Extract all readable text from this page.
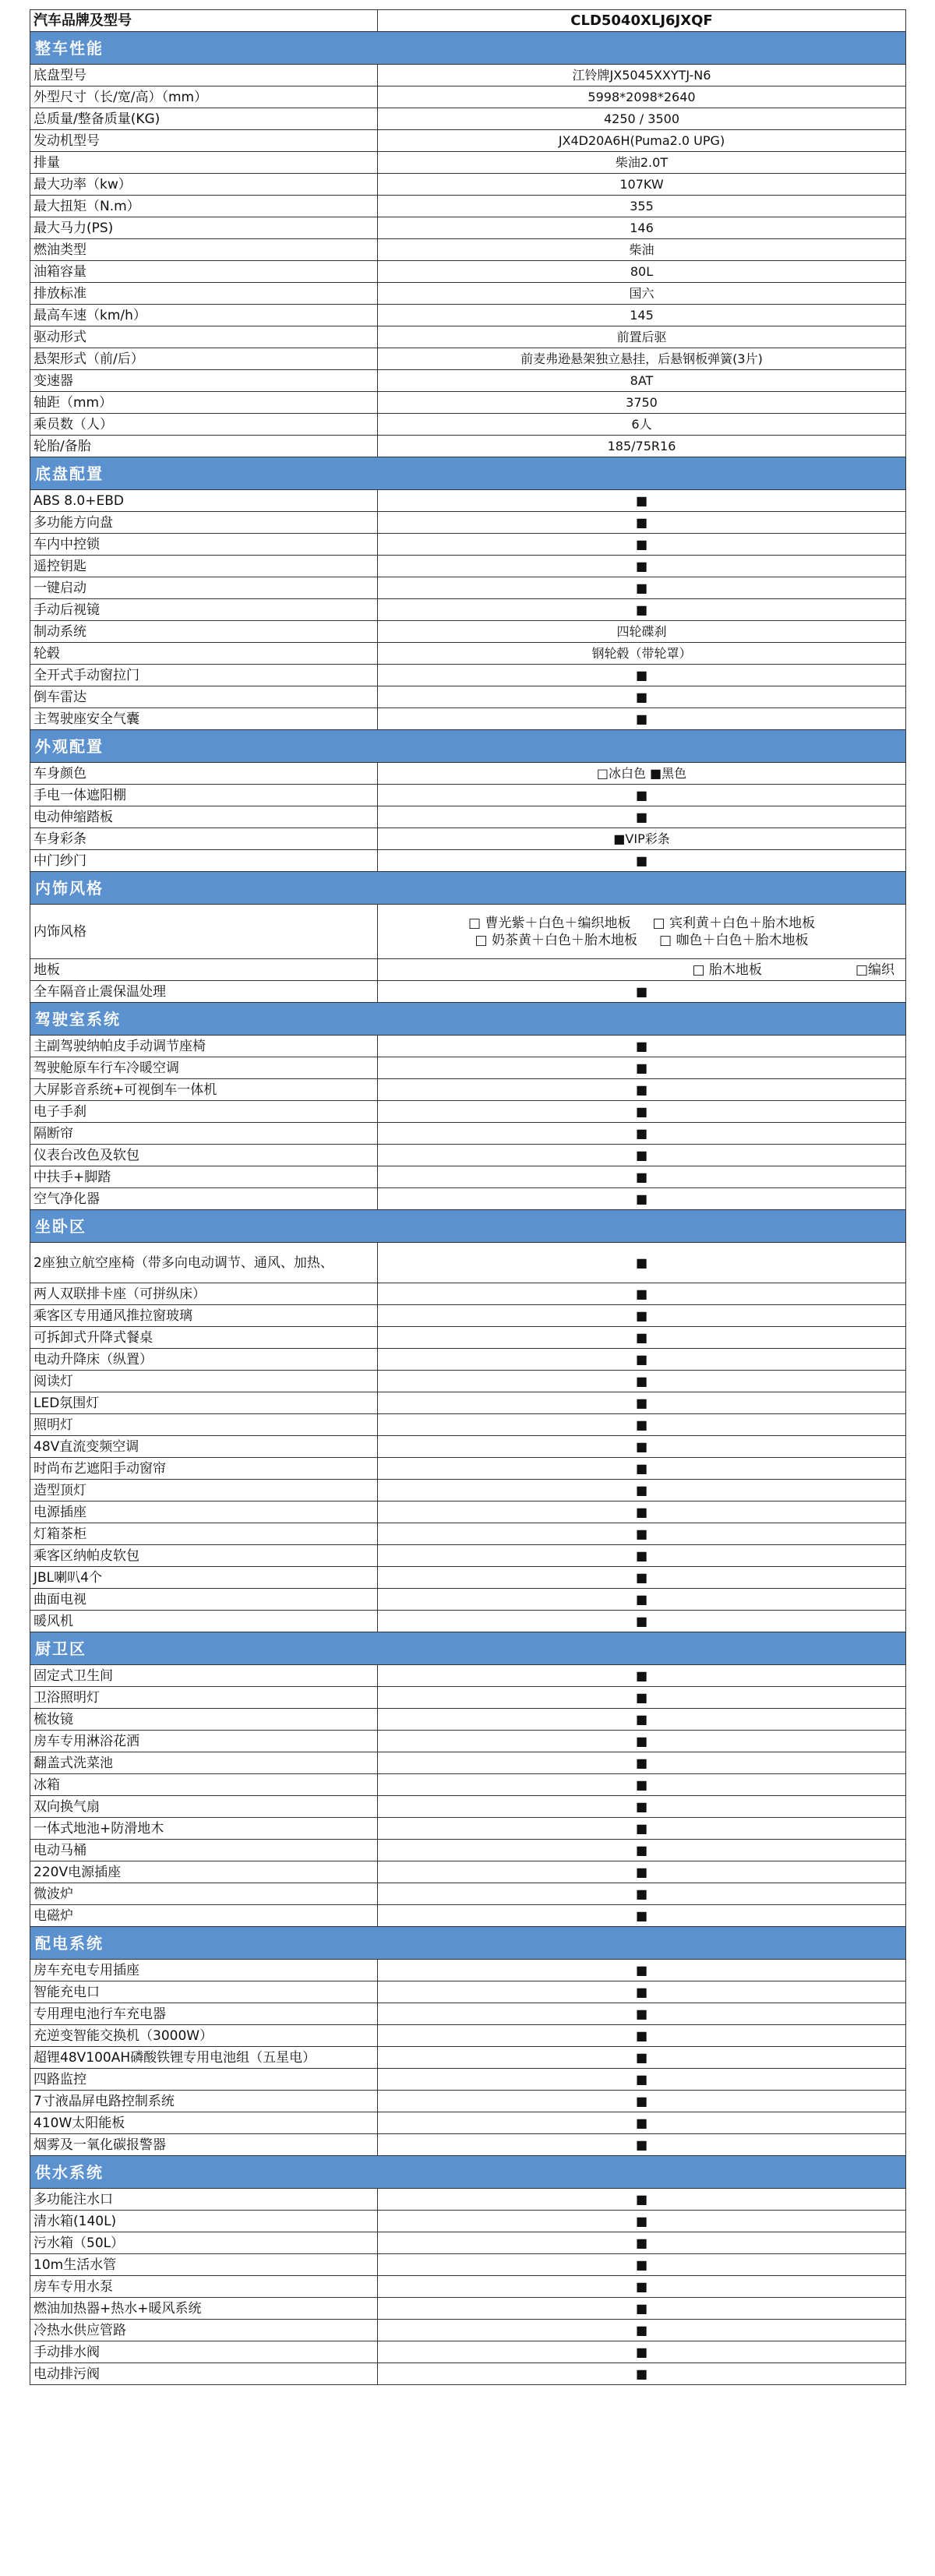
汽车品牌及型号	CLD5040XLJ6JXQF
整车性能	
底盘型号	江铃牌JX5045XXYTJ-N6
外型尺寸（长/宽/高）（mm）	5998*2098*2640
总质量/整备质量(KG)	4250 / 3500
发动机型号	JX4D20A6H(Puma2.0 UPG)
排量	柴油2.0T
最大功率（kw）	107KW
最大扭矩（N.m）	355
最大马力(PS)	146
燃油类型	柴油
油箱容量	80L
排放标准	国六
最高车速（km/h）	145
驱动形式	前置后驱
悬架形式（前/后）	前麦弗逊悬架独立悬挂，后悬钢板弹簧(3片)
变速器	8AT
轴距（mm）	3750
乘员数（人）	6人
轮胎/备胎	185/75R16
底盘配置	
ABS 8.0+EBD	■
多功能方向盘	■
车内中控锁	■
遥控钥匙	■
一键启动	■
手动后视镜	■
制动系统	四轮碟刹
轮毂	钢轮毂（带轮罩）
全开式手动窗拉门	■
倒车雷达	■
主驾驶座安全气囊	■
外观配置	
车身颜色	□冰白色 ■黑色
手电一体遮阳棚	■
电动伸缩踏板	■
车身彩条	■VIP彩条
中门纱门	■
内饰风格	
内饰风格	□ 曹光紫＋白色＋编织地板 □ 宾利黄＋白色＋胎木地板
□ 奶茶黄＋白色＋胎木地板 □ 咖色＋白色＋胎木地板

地板	□ 胎木地板 □编织

全车隔音止震保温处理	■
驾驶室系统	
主副驾驶纳帕皮手动调节座椅	■
驾驶舱原车行车冷暖空调	■
大屏影音系统+可视倒车一体机	■
电子手刹	■
隔断帘	■
仪表台改色及软包	■
中扶手+脚踏	■
空气净化器	■
坐卧区	
2座独立航空座椅（带多向电动调节、通风、加热、	■
两人双联排卡座（可拼纵床）	■
乘客区专用通风推拉窗玻璃	■
可拆卸式升降式餐桌	■
电动升降床（纵置）	■
阅读灯	■
LED氛围灯	■
照明灯	■
48V直流变频空调	■
时尚布艺遮阳手动窗帘	■
造型顶灯	■
电源插座	■
灯箱茶柜	■
乘客区纳帕皮软包	■
JBL喇叭4个	■
曲面电视	■
暖风机	■
厨卫区	
固定式卫生间	■
卫浴照明灯	■
梳妆镜	■
房车专用淋浴花洒	■
翻盖式洗菜池	■
冰箱	■
双向换气扇	■
一体式地池+防滑地木	■
电动马桶	■
220V电源插座	■
微波炉	■
电磁炉	■
配电系统	
房车充电专用插座	■
智能充电口	■
专用理电池行车充电器	■
充逆变智能交换机（3000W）	■
超锂48V100AH磷酸铁锂专用电池组（五星电）	■
四路监控	■
7寸液晶屏电路控制系统	■
410W太阳能板	■
烟雾及一氧化碳报警器	■
供水系统	
多功能注水口	■
清水箱(140L)	■
污水箱（50L）	■
10m生活水管	■
房车专用水泵	■
燃油加热器+热水+暖风系统	■
冷热水供应管路	■
手动排水阀	■
电动排污阀	■
